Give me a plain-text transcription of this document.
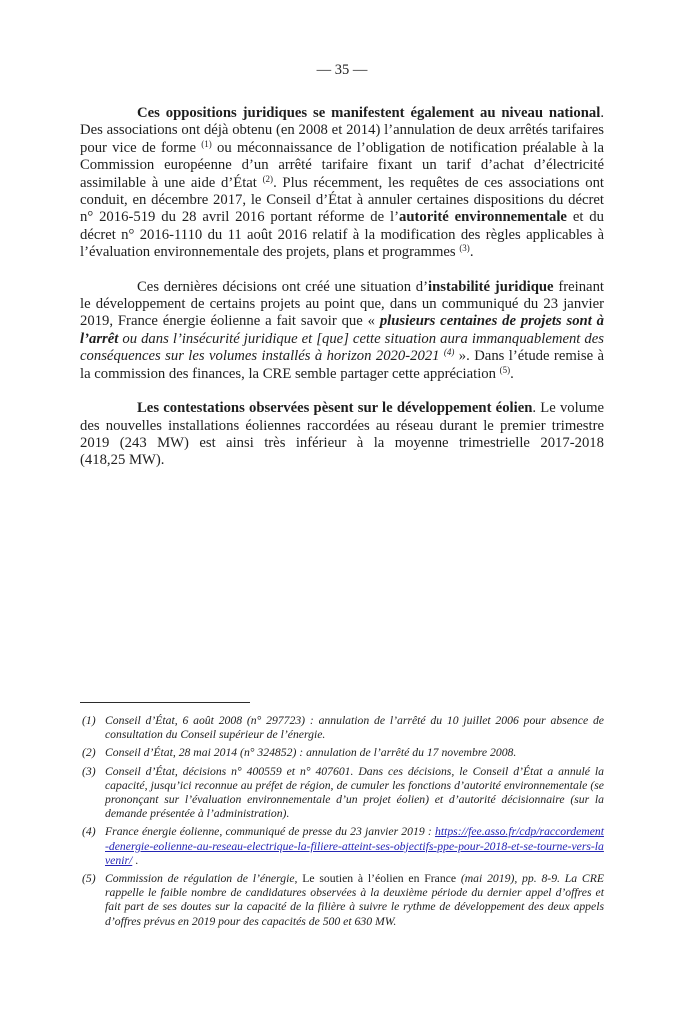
— 35 —

Ces oppositions juridiques se manifestent également au niveau national. Des associations ont déjà obtenu (en 2008 et 2014) l’annulation de deux arrêtés tarifaires pour vice de forme $^{(1)}$ ou méconnaissance de l’obligation de notification préalable à la Commission européenne d’un arrêté tarifaire fixant un tarif d’achat d’électricité assimilable à une aide d’État $^{(2)}$. Plus récemment, les requêtes de ces associations ont conduit, en décembre 2017, le Conseil d’État à annuler certaines dispositions du décret n° 2016-519 du 28 avril 2016 portant réforme de l’autorité environnementale et du décret n° 2016-1110 du 11 août 2016 relatif à la modification des règles applicables à l’évaluation environnementale des projets, plans et programmes $^{(3)}$.

Ces dernières décisions ont créé une situation d’instabilité juridique freinant le développement de certains projets au point que, dans un communiqué du 23 janvier 2019, France énergie éolienne a fait savoir que « plusieurs centaines de projets sont à l’arrêt ou dans l’insécurité juridique et [que] cette situation aura immanquablement des conséquences sur les volumes installés à horizon 2020-2021 $^{(4)}$ ». Dans l’étude remise à la commission des finances, la CRE semble partager cette appréciation $^{(5)}$.

Les contestations observées pèsent sur le développement éolien. Le volume des nouvelles installations éoliennes raccordées au réseau durant le premier trimestre 2019 (243 MW) est ainsi très inférieur à la moyenne trimestrielle 2017-2018 (418,25 MW).

(1) Conseil d’État, 6 août 2008 (n° 297723) : annulation de l’arrêté du 10 juillet 2006 pour absence de consultation du Conseil supérieur de l’énergie.
(2) Conseil d’État, 28 mai 2014 (n° 324852) : annulation de l’arrêté du 17 novembre 2008.
(3) Conseil d’État, décisions n° 400559 et n° 407601. Dans ces décisions, le Conseil d’État a annulé la capacité, jusqu’ici reconnue au préfet de région, de cumuler les fonctions d’autorité environnementale (se prononçant sur l’évaluation environnementale d’un projet éolien) et d’autorité décisionnaire (sur la demande présentée à l’administration).
(4) France énergie éolienne, communiqué de presse du 23 janvier 2019 : https://fee.asso.fr/cdp/raccordement-denergie-eolienne-au-reseau-electrique-la-filiere-atteint-ses-objectifs-ppe-pour-2018-et-se-tourne-vers-lavenir/ .
(5) Commission de régulation de l’énergie, Le soutien à l’éolien en France (mai 2019), pp. 8-9. La CRE rappelle le faible nombre de candidatures observées à la deuxième période du dernier appel d’offres et fait part de ses doutes sur la capacité de la filière à suivre le rythme de développement des deux appels d’offres prévus en 2019 pour des capacités de 500 et 630 MW.
